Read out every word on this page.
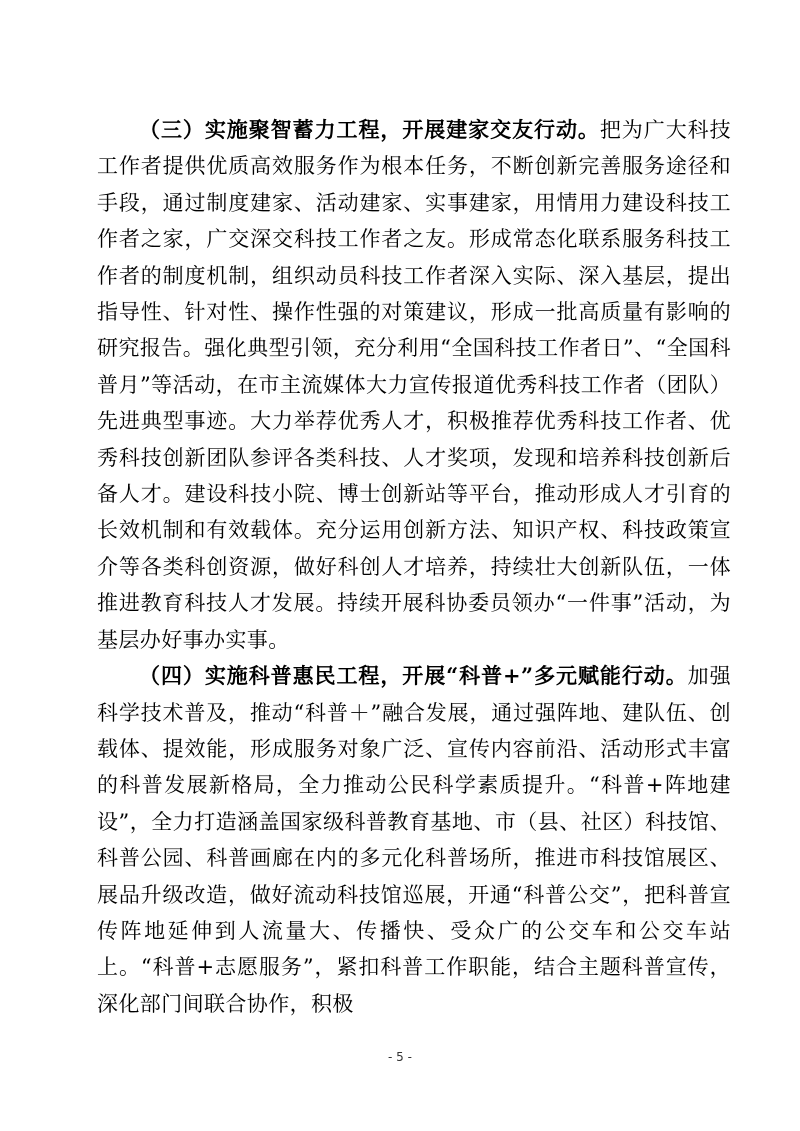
（三）实施聚智蓄力工程，开展建家交友行动。把为广大科技工作者提供优质高效服务作为根本任务，不断创新完善服务途径和手段，通过制度建家、活动建家、实事建家，用情用力建设科技工作者之家，广交深交科技工作者之友。形成常态化联系服务科技工作者的制度机制，组织动员科技工作者深入实际、深入基层，提出指导性、针对性、操作性强的对策建议，形成一批高质量有影响的研究报告。强化典型引领，充分利用“全国科技工作者日”、“全国科普月”等活动，在市主流媒体大力宣传报道优秀科技工作者（团队）先进典型事迹。大力举荐优秀人才，积极推荐优秀科技工作者、优秀科技创新团队参评各类科技、人才奖项，发现和培养科技创新后备人才。建设科技小院、博士创新站等平台，推动形成人才引育的长效机制和有效载体。充分运用创新方法、知识产权、科技政策宣介等各类科创资源，做好科创人才培养，持续壮大创新队伍，一体推进教育科技人才发展。持续开展科协委员领办“一件事”活动，为基层办好事办实事。

（四）实施科普惠民工程，开展“科普+”多元赋能行动。加强科学技术普及，推动“科普＋”融合发展，通过强阵地、建队伍、创载体、提效能，形成服务对象广泛、宣传内容前沿、活动形式丰富的科普发展新格局，全力推动公民科学素质提升。“科普+阵地建设”，全力打造涵盖国家级科普教育基地、市（县、社区）科技馆、科普公园、科普画廊在内的多元化科普场所，推进市科技馆展区、展品升级改造，做好流动科技馆巡展，开通“科普公交”，把科普宣传阵地延伸到人流量大、传播快、受众广的公交车和公交车站上。“科普+志愿服务”，紧扣科普工作职能，结合主题科普宣传，深化部门间联合协作，积极

- 5 -
